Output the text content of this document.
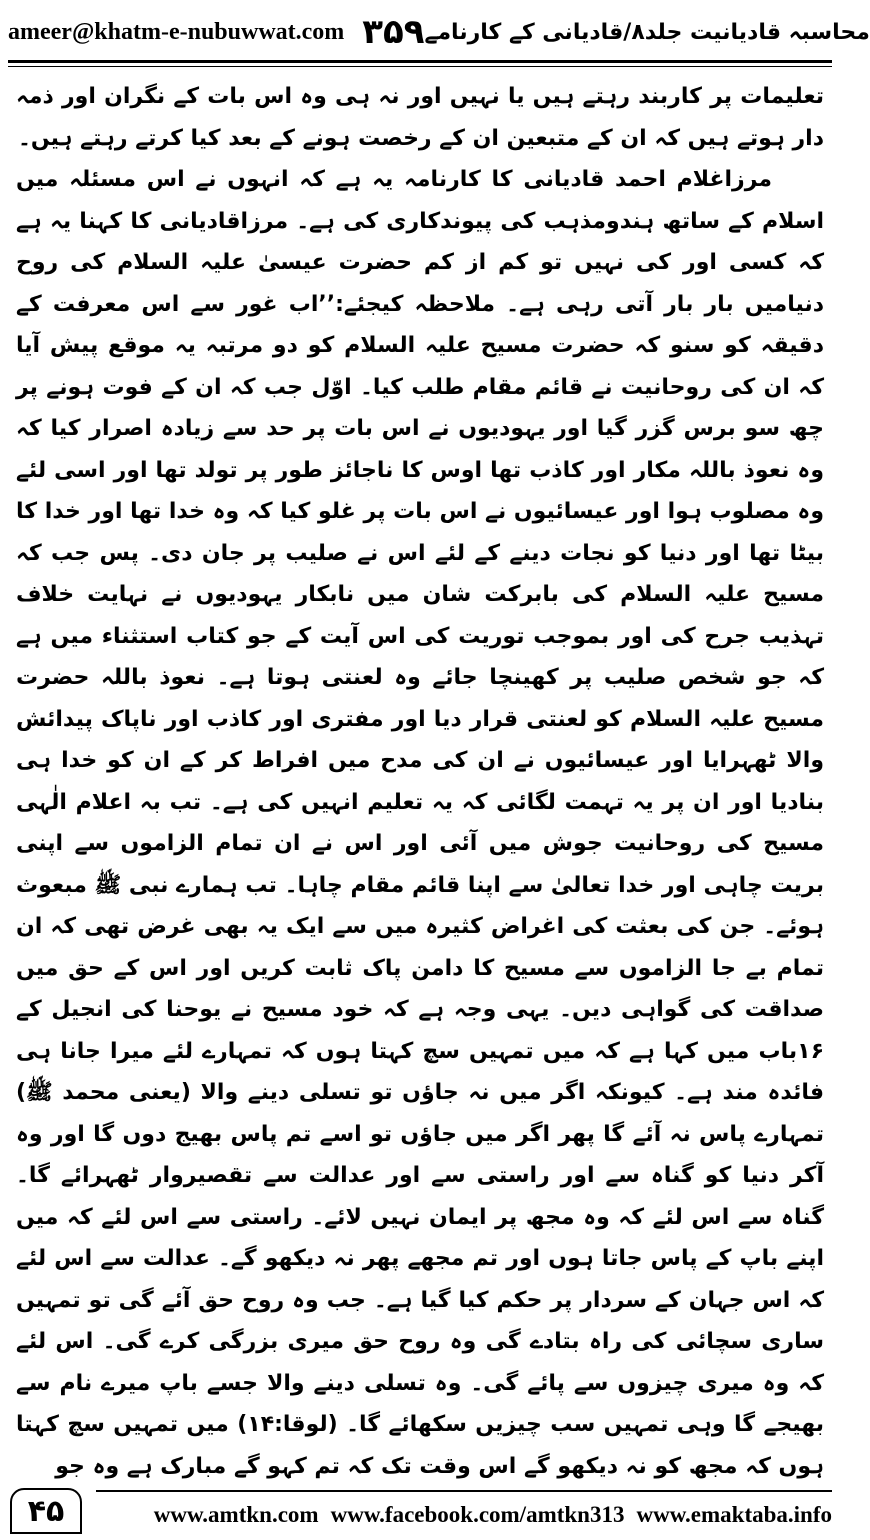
ameer@khatm-e-nubuwwat.com ۳۵۹ محاسبہ قادیانیت جلد۸/قادیانی کے کارنامے

تعلیمات پر کاربند رہتے ہیں یا نہیں اور نہ ہی وہ اس بات کے نگران اور ذمہ دار ہوتے ہیں کہ ان کے متبعین ان کے رخصت ہونے کے بعد کیا کرتے رہتے ہیں۔

مرزاغلام احمد قادیانی کا کارنامہ یہ ہے کہ انہوں نے اس مسئلہ میں اسلام کے ساتھ ہندومذہب کی پیوندکاری کی ہے۔ مرزاقادیانی کا کہنا یہ ہے کہ کسی اور کی نہیں تو کم از کم حضرت عیسیٰ علیہ السلام کی روح دنیامیں بار بار آتی رہی ہے۔ ملاحظہ کیجئے:’’اب غور سے اس معرفت کے دقیقہ کو سنو کہ حضرت مسیح علیہ السلام کو دو مرتبہ یہ موقع پیش آیا کہ ان کی روحانیت نے قائم مقام طلب کیا۔ اوّل جب کہ ان کے فوت ہونے پر چھ سو برس گزر گیا اور یہودیوں نے اس بات پر حد سے زیادہ اصرار کیا کہ وہ نعوذ باللہ مکار اور کاذب تھا اوس کا ناجائز طور پر تولد تھا اور اسی لئے وہ مصلوب ہوا اور عیسائیوں نے اس بات پر غلو کیا کہ وہ خدا تھا اور خدا کا بیٹا تھا اور دنیا کو نجات دینے کے لئے اس نے صلیب پر جان دی۔ پس جب کہ مسیح علیہ السلام کی بابرکت شان میں نابکار یہودیوں نے نہایت خلاف تہذیب جرح کی اور بموجب توریت کی اس آیت کے جو کتاب استثناء میں ہے کہ جو شخص صلیب پر کھینچا جائے وہ لعنتی ہوتا ہے۔ نعوذ باللہ حضرت مسیح علیہ السلام کو لعنتی قرار دیا اور مفتری اور کاذب اور ناپاک پیدائش والا ٹھہرایا اور عیسائیوں نے ان کی مدح میں افراط کر کے ان کو خدا ہی بنادیا اور ان پر یہ تہمت لگائی کہ یہ تعلیم انہیں کی ہے۔ تب بہ اعلام الٰہی مسیح کی روحانیت جوش میں آئی اور اس نے ان تمام الزاموں سے اپنی بریت چاہی اور خدا تعالیٰ سے اپنا قائم مقام چاہا۔ تب ہمارے نبی ﷺ مبعوث ہوئے۔ جن کی بعثت کی اغراض کثیرہ میں سے ایک یہ بھی غرض تھی کہ ان تمام بے جا الزاموں سے مسیح کا دامن پاک ثابت کریں اور اس کے حق میں صداقت کی گواہی دیں۔ یہی وجہ ہے کہ خود مسیح نے یوحنا کی انجیل کے ۱۶باب میں کہا ہے کہ میں تمہیں سچ کہتا ہوں کہ تمہارے لئے میرا جانا ہی فائدہ مند ہے۔ کیونکہ اگر میں نہ جاؤں تو تسلی دینے والا (یعنی محمد ﷺ) تمہارے پاس نہ آئے گا پھر اگر میں جاؤں تو اسے تم پاس بھیج دوں گا اور وہ آکر دنیا کو گناہ سے اور راستی سے اور عدالت سے تقصیروار ٹھہرائے گا۔ گناہ سے اس لئے کہ وہ مجھ پر ایمان نہیں لائے۔ راستی سے اس لئے کہ میں اپنے باپ کے پاس جاتا ہوں اور تم مجھے پھر نہ دیکھو گے۔ عدالت سے اس لئے کہ اس جہان کے سردار پر حکم کیا گیا ہے۔ جب وہ روح حق آئے گی تو تمہیں ساری سچائی کی راہ بتادے گی وہ روح حق میری بزرگی کرے گی۔ اس لئے کہ وہ میری چیزوں سے پائے گی۔ وہ تسلی دینے والا جسے باپ میرے نام سے بھیجے گا وہی تمہیں سب چیزیں سکھائے گا۔ (لوقا:۱۴) میں تمہیں سچ کہتا ہوں کہ مجھ کو نہ دیکھو گے اس وقت تک کہ تم کہو گے مبارک ہے وہ جو

۴۵	www.amtkn.com www.facebook.com/amtkn313 www.emaktaba.info
